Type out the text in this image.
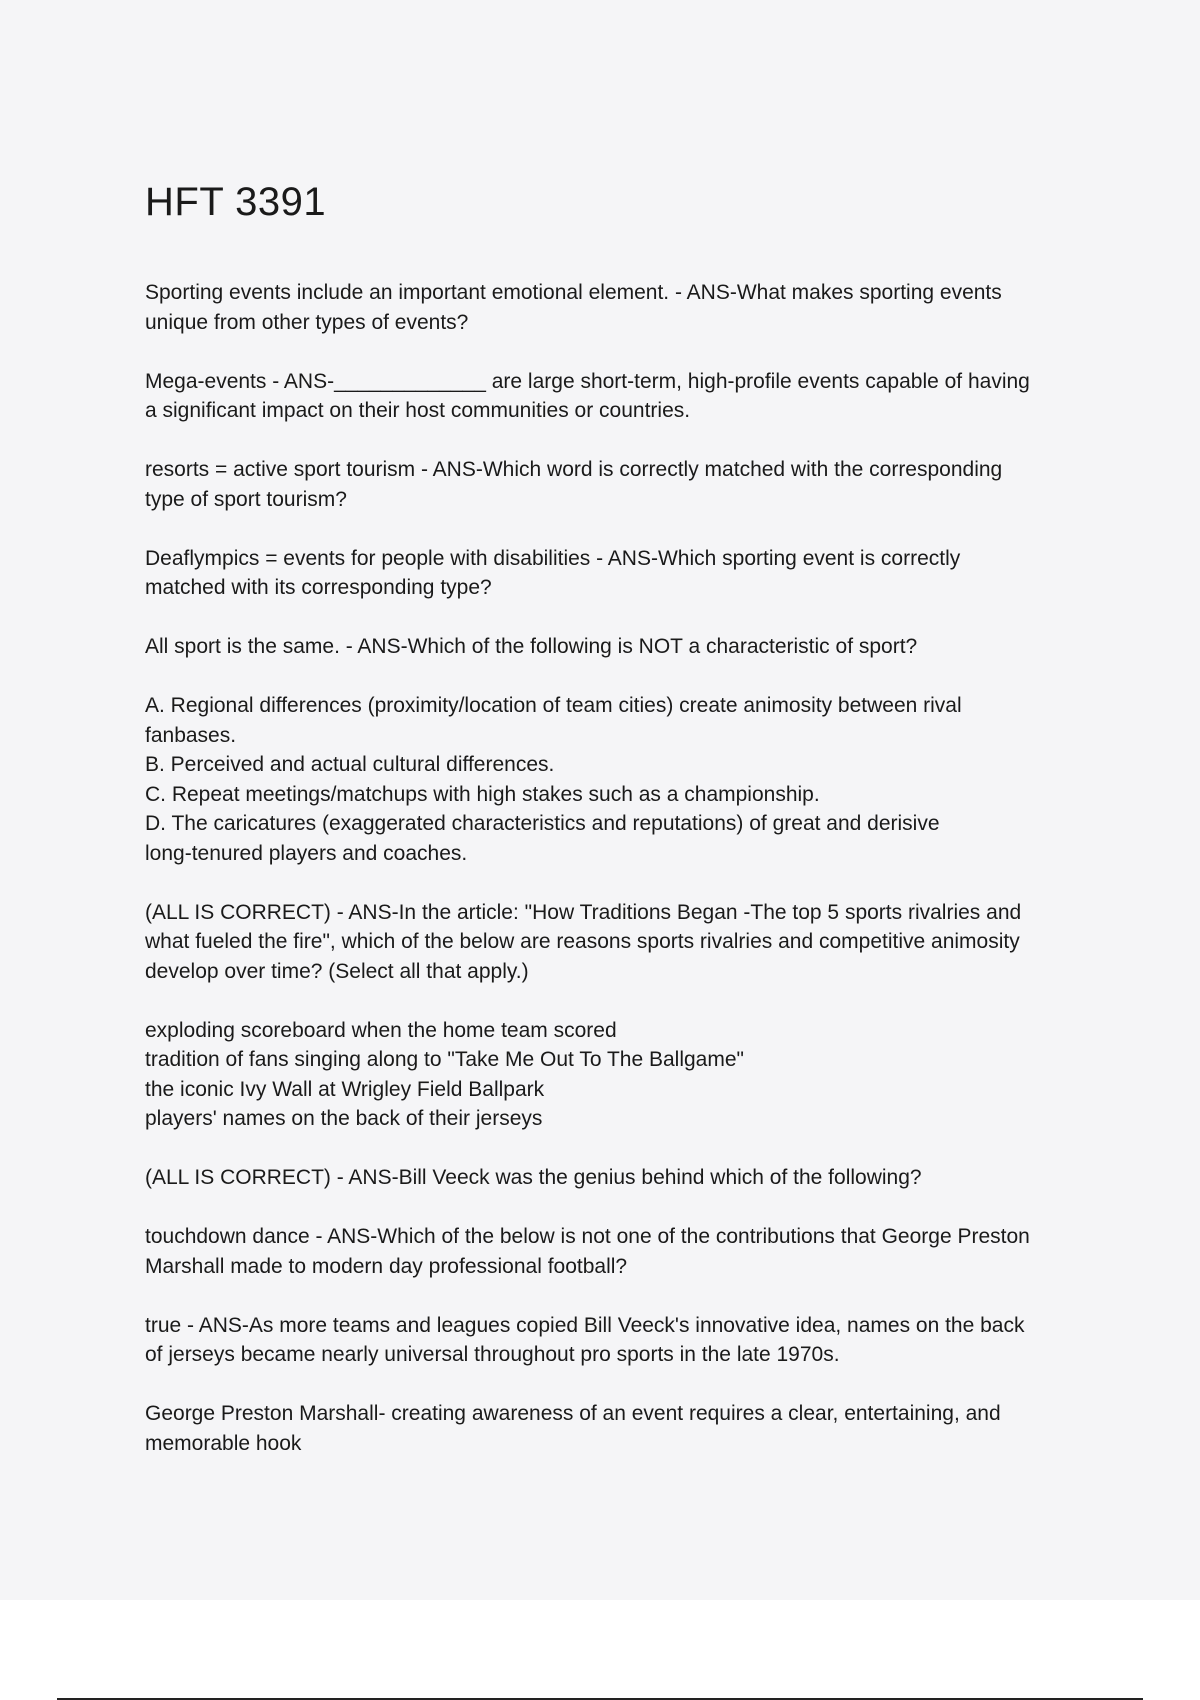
HFT 3391

Sporting events include an important emotional element. - ANS-What makes sporting events

unique from other types of events?

Mega-events - ANS-_____________ are large short-term, high-profile events capable of having

a significant impact on their host communities or countries.

resorts = active sport tourism - ANS-Which word is correctly matched with the corresponding

type of sport tourism?

Deaflympics = events for people with disabilities - ANS-Which sporting event is correctly

matched with its corresponding type?

All sport is the same. - ANS-Which of the following is NOT a characteristic of sport?

A. Regional differences (proximity/location of team cities) create animosity between rival

fanbases.

B. Perceived and actual cultural differences.

C. Repeat meetings/matchups with high stakes such as a championship.

D. The caricatures (exaggerated characteristics and reputations) of great and derisive

long-tenured players and coaches.

(ALL IS CORRECT) - ANS-In the article: "How Traditions Began -The top 5 sports rivalries and

what fueled the fire", which of the below are reasons sports rivalries and competitive animosity

develop over time? (Select all that apply.)

exploding scoreboard when the home team scored

tradition of fans singing along to "Take Me Out To The Ballgame"

the iconic Ivy Wall at Wrigley Field Ballpark

players' names on the back of their jerseys

(ALL IS CORRECT) - ANS-Bill Veeck was the genius behind which of the following?

touchdown dance - ANS-Which of the below is not one of the contributions that George Preston

Marshall made to modern day professional football?

true - ANS-As more teams and leagues copied Bill Veeck's innovative idea, names on the back

of jerseys became nearly universal throughout pro sports in the late 1970s.

George Preston Marshall- creating awareness of an event requires a clear, entertaining, and

memorable hook
